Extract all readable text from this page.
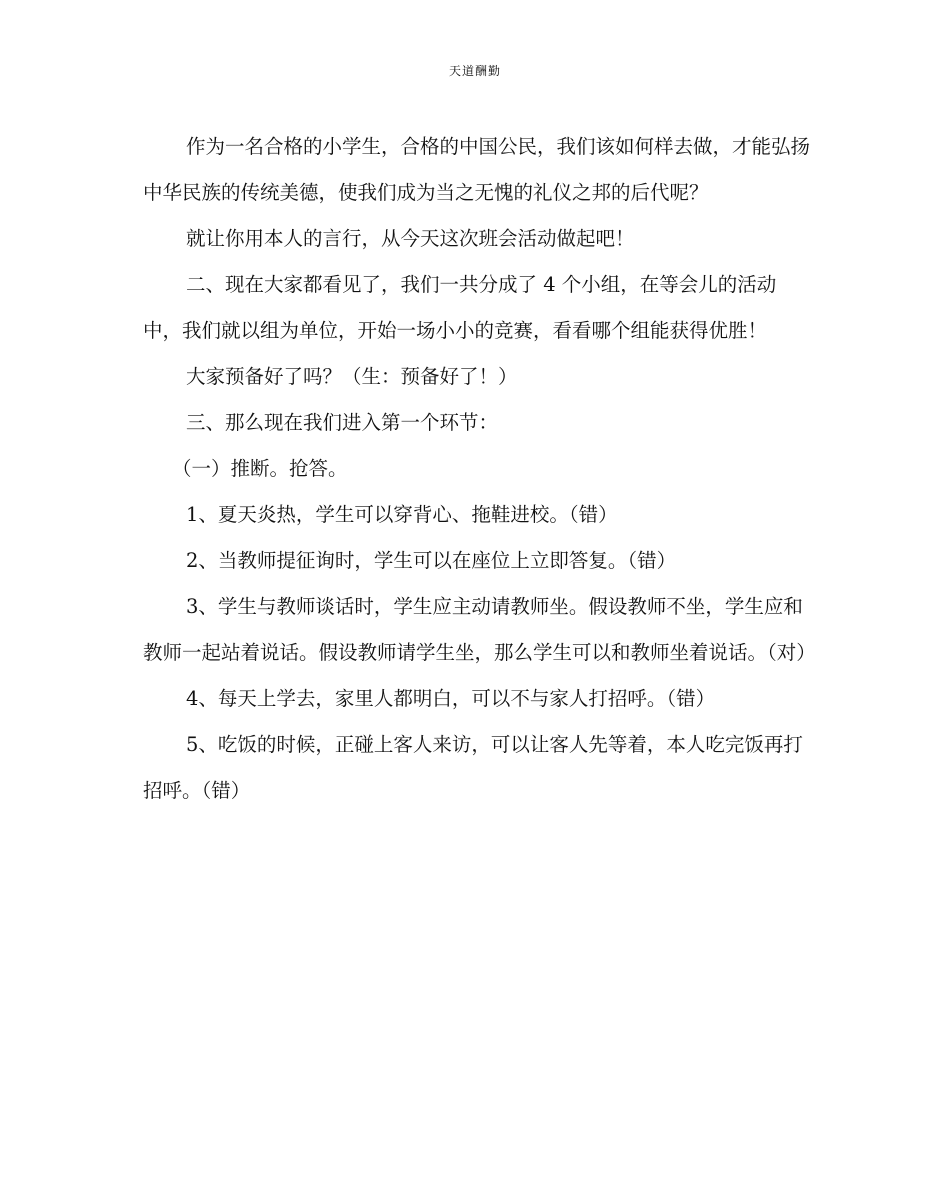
天道酬勤

作为一名合格的小学生，合格的中国公民，我们该如何样去做，才能弘扬中华民族的传统美德，使我们成为当之无愧的礼仪之邦的后代呢？

就让你用本人的言行，从今天这次班会活动做起吧！

二、现在大家都看见了，我们一共分成了 4 个小组，在等会儿的活动中，我们就以组为单位，开始一场小小的竞赛，看看哪个组能获得优胜！

大家预备好了吗？（生：预备好了！）

三、那么现在我们进入第一个环节：

（一）推断。抢答。

1、夏天炎热，学生可以穿背心、拖鞋进校。（错）

2、当教师提征询时，学生可以在座位上立即答复。（错）

3、学生与教师谈话时，学生应主动请教师坐。假设教师不坐，学生应和教师一起站着说话。假设教师请学生坐，那么学生可以和教师坐着说话。（对）

4、每天上学去，家里人都明白，可以不与家人打招呼。（错）

5、吃饭的时候，正碰上客人来访，可以让客人先等着，本人吃完饭再打招呼。（错）
